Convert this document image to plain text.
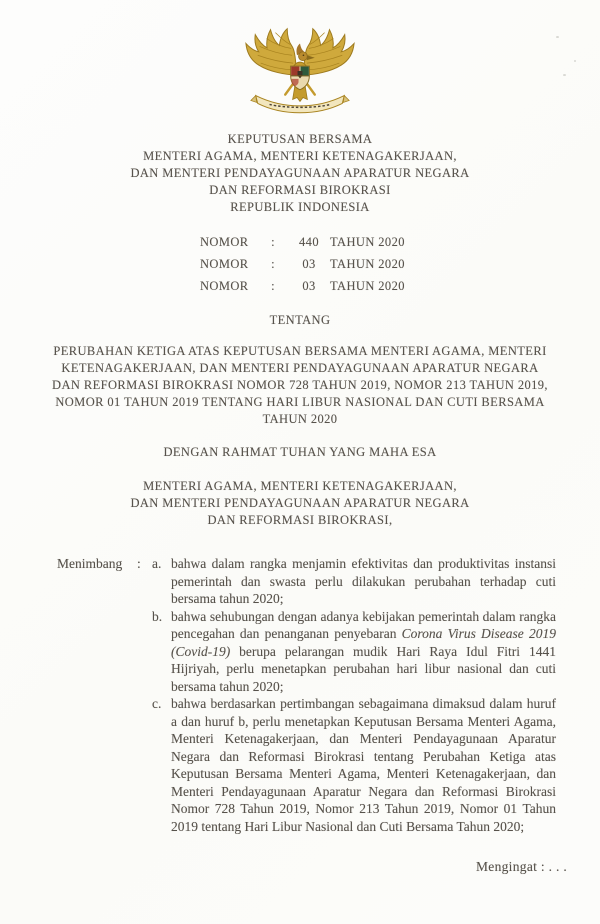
KEPUTUSAN BERSAMA
MENTERI AGAMA, MENTERI KETENAGAKERJAAN,
DAN MENTERI PENDAYAGUNAAN APARATUR NEGARA
DAN REFORMASI BIROKRASI
REPUBLIK INDONESIA
NOMOR	:	440 TAHUN 2020
NOMOR	:	03	TAHUN 2020
NOMOR	:	03	TAHUN 2020
TENTANG
PERUBAHAN KETIGA ATAS KEPUTUSAN BERSAMA MENTERI AGAMA, MENTERI KETENAGAKERJAAN, DAN MENTERI PENDAYAGUNAAN APARATUR NEGARA DAN REFORMASI BIROKRASI NOMOR 728 TAHUN 2019, NOMOR 213 TAHUN 2019, NOMOR 01 TAHUN 2019 TENTANG HARI LIBUR NASIONAL DAN CUTI BERSAMA TAHUN 2020
DENGAN RAHMAT TUHAN YANG MAHA ESA
MENTERI AGAMA, MENTERI KETENAGAKERJAAN,
DAN MENTERI PENDAYAGUNAAN APARATUR NEGARA
DAN REFORMASI BIROKRASI,
Menimbang	: a. bahwa dalam rangka menjamin efektivitas dan produktivitas instansi pemerintah dan swasta perlu dilakukan perubahan terhadap cuti bersama tahun 2020;
b. bahwa sehubungan dengan adanya kebijakan pemerintah dalam rangka pencegahan dan penanganan penyebaran Corona Virus Disease 2019 (Covid-19) berupa pelarangan mudik Hari Raya Idul Fitri 1441 Hijriyah, perlu menetapkan perubahan hari libur nasional dan cuti bersama tahun 2020;
c. bahwa berdasarkan pertimbangan sebagaimana dimaksud dalam huruf a dan huruf b, perlu menetapkan Keputusan Bersama Menteri Agama, Menteri Ketenagakerjaan, dan Menteri Pendayagunaan Aparatur Negara dan Reformasi Birokrasi tentang Perubahan Ketiga atas Keputusan Bersama Menteri Agama, Menteri Ketenagakerjaan, dan Menteri Pendayagunaan Aparatur Negara dan Reformasi Birokrasi Nomor 728 Tahun 2019, Nomor 213 Tahun 2019, Nomor 01 Tahun 2019 tentang Hari Libur Nasional dan Cuti Bersama Tahun 2020;
Mengingat : . . .
